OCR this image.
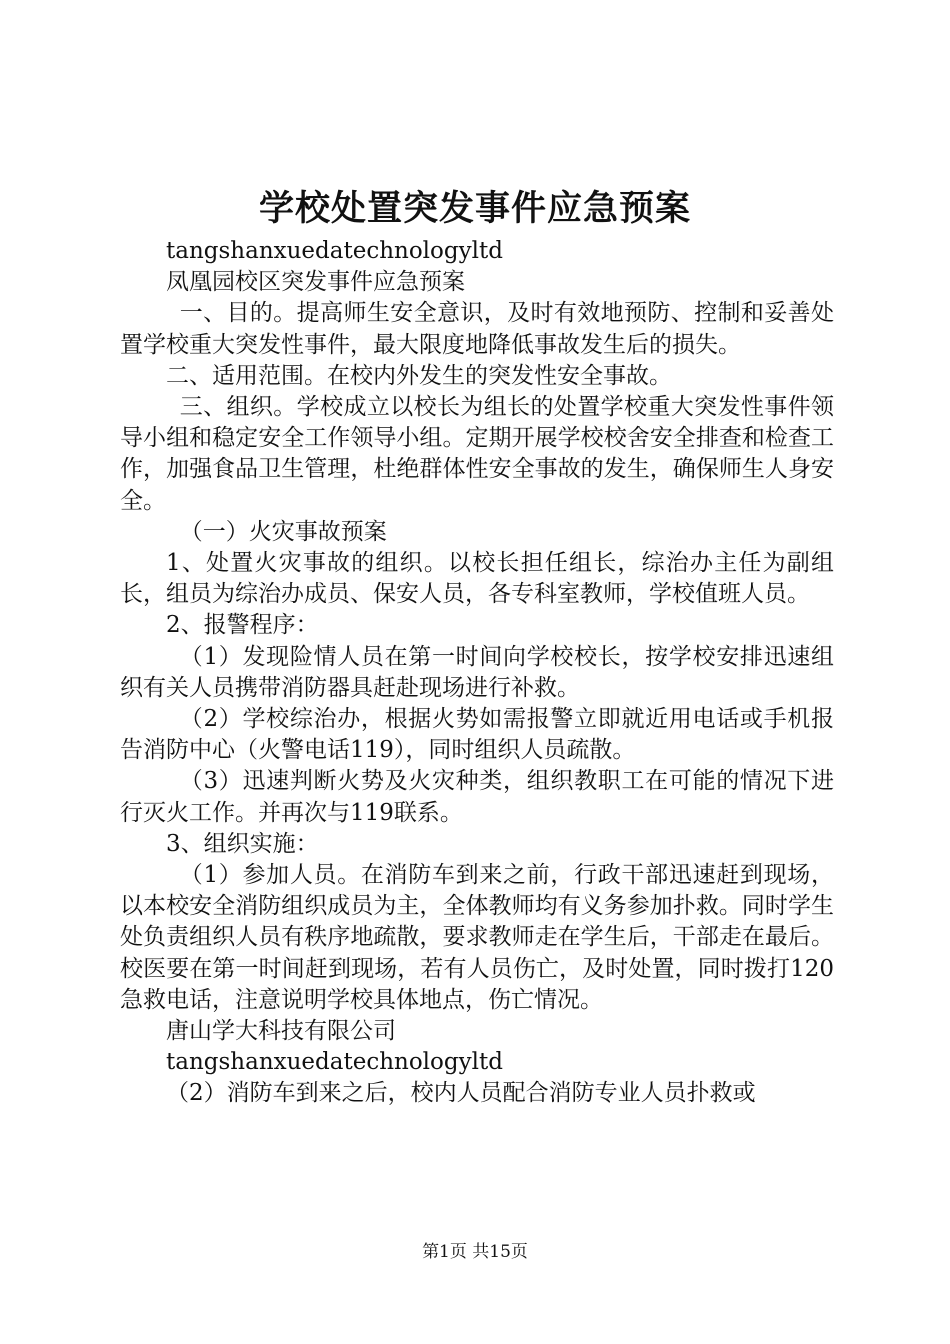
学校处置突发事件应急预案

tangshanxuedatechnologyltd

凤凰园校区突发事件应急预案

一、目的。提高师生安全意识，及时有效地预防、控制和妥善处置学校重大突发性事件，最大限度地降低事故发生后的损失。

二、适用范围。在校内外发生的突发性安全事故。

三、组织。学校成立以校长为组长的处置学校重大突发性事件领导小组和稳定安全工作领导小组。定期开展学校校舍安全排查和检查工作，加强食品卫生管理，杜绝群体性安全事故的发生，确保师生人身安全。

（一）火灾事故预案

1、处置火灾事故的组织。以校长担任组长，综治办主任为副组长，组员为综治办成员、保安人员，各专科室教师，学校值班人员。

2、报警程序：

（1）发现险情人员在第一时间向学校校长，按学校安排迅速组织有关人员携带消防器具赶赴现场进行补救。

（2）学校综治办，根据火势如需报警立即就近用电话或手机报告消防中心（火警电话119），同时组织人员疏散。

（3）迅速判断火势及火灾种类，组织教职工在可能的情况下进行灭火工作。并再次与119联系。

3、组织实施：

（1）参加人员。在消防车到来之前，行政干部迅速赶到现场，以本校安全消防组织成员为主，全体教师均有义务参加扑救。同时学生处负责组织人员有秩序地疏散，要求教师走在学生后，干部走在最后。校医要在第一时间赶到现场，若有人员伤亡，及时处置，同时拨打120急救电话，注意说明学校具体地点，伤亡情况。

唐山学大科技有限公司

tangshanxuedatechnologyltd

（2）消防车到来之后，校内人员配合消防专业人员扑救或

第1页 共15页
